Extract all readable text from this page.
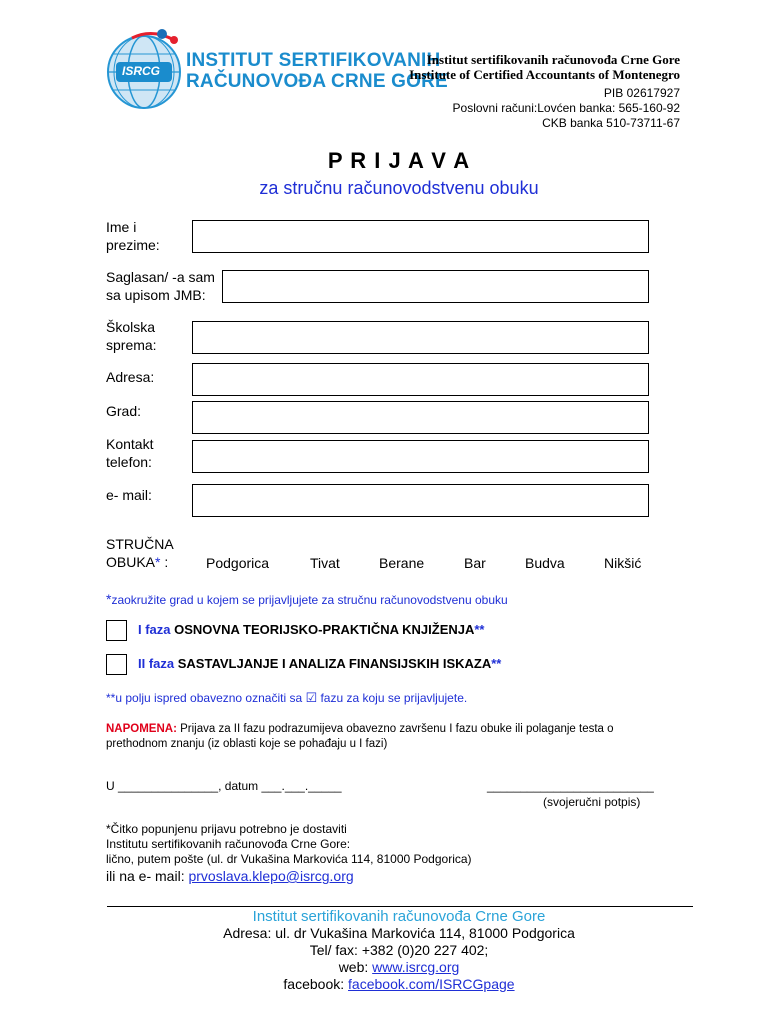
ISRCG INSTITUT SERTIFIKOVANIH
RAČUNOVOĐA CRNE GORE
Institut sertifikovanih računovođa Crne Gore
Institute of Certified Accountants of Montenegro
PIB 02617927
Poslovni računi:Lovćen banka: 565-160-92
CKB banka 510-73711-67
P R I J A V A
za stručnu računovodstvenu obuku
Ime i
prezime:
Saglasan/ -a sam
sa upisom JMB:
Školska
sprema:
Adresa:
Grad:
Kontakt
telefon:
e- mail:
STRUČNA
OBUKA* :	Podgorica	Tivat	Berane	Bar	Budva	Nikšić
*zaokružite grad u kojem se prijavljujete za stručnu računovodstvenu obuku
I faza OSNOVNA TEORIJSKO-PRAKTIČNA KNJIŽENJA**
II faza SASTAVLJANJE I ANALIZA FINANSIJSKIH ISKAZA**
**u polju ispred obavezno označiti sa ☑ fazu za koju se prijavljujete.
NAPOMENA: Prijava za II fazu podrazumijeva obavezno završenu I fazu obuke ili polaganje testa o
prethodnom znanju (iz oblasti koje se pohađaju u I fazi)
U _______________, datum ___.___._____	_________________________
(svojeručni potpis)
*Čitko popunjenu prijavu potrebno je dostaviti
Institutu sertifikovanih računovođa Crne Gore:
lično, putem pošte (ul. dr Vukašina Markovića 114, 81000 Podgorica)
ili na e- mail: prvoslava.klepo@isrcg.org
Institut sertifikovanih računovođa Crne Gore
Adresa: ul. dr Vukašina Markovića 114, 81000 Podgorica
Tel/ fax: +382 (0)20 227 402;
web: www.isrcg.org
facebook: facebook.com/ISRCGpage
